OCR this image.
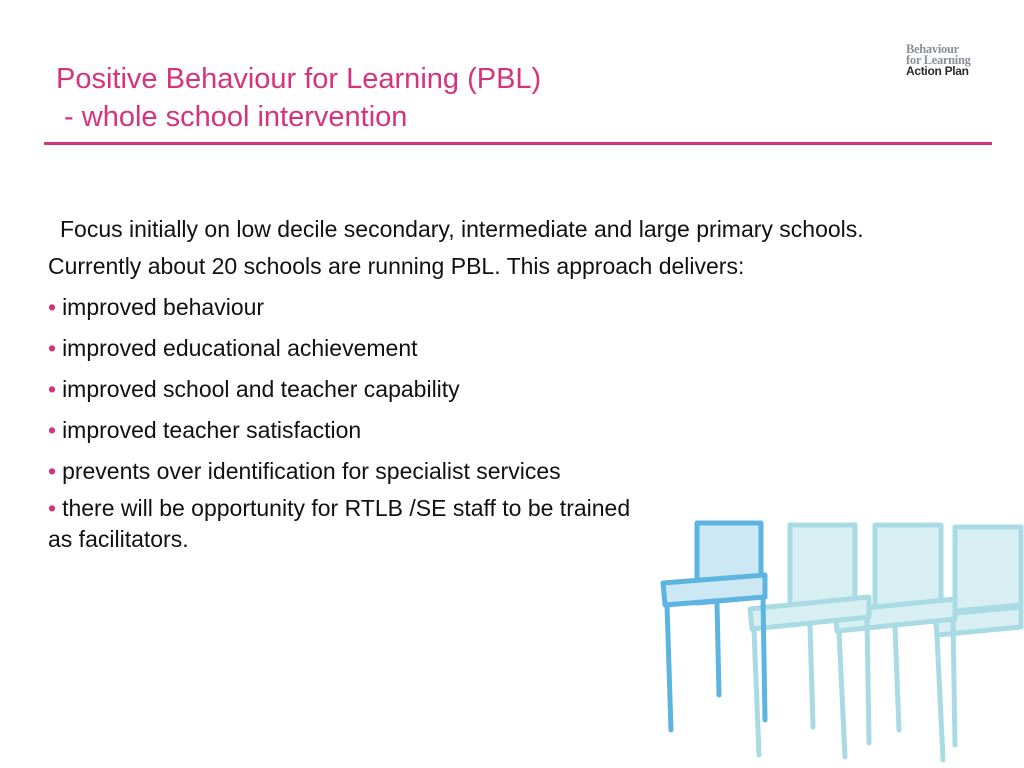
Positive Behaviour for Learning (PBL)
- whole school intervention
Behaviour
for Learning
Action Plan

Focus initially on low decile secondary, intermediate and large primary schools. Currently about 20 schools are running PBL. This approach delivers:

• improved behaviour
• improved educational achievement
• improved school and teacher capability
• improved teacher satisfaction
• prevents over identification for specialist services
• there will be opportunity for RTLB /SE staff to be trained as facilitators.
